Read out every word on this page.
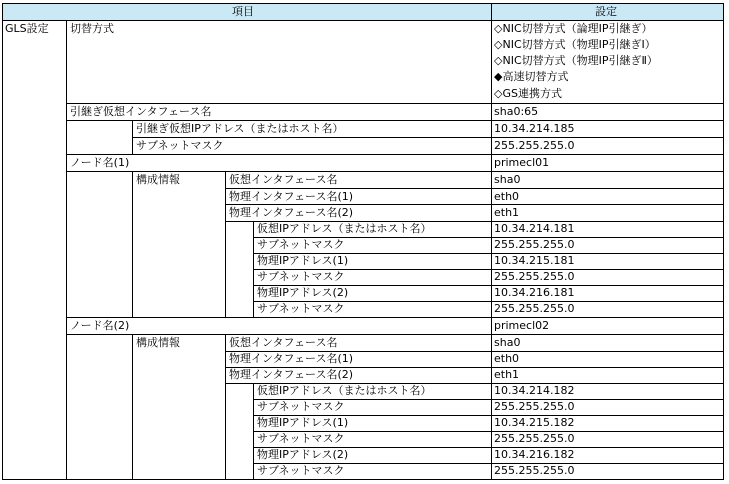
項目	設定
GLS設定 切替方式	◇NIC切替方式（論理IP引継ぎ）
◇NIC切替方式（物理IP引継ぎⅠ）
◇NIC切替方式（物理IP引継ぎⅡ）
◆高速切替方式
◇GS連携方式
引継ぎ仮想インタフェース名	sha0:65
引継ぎ仮想IPアドレス（またはホスト名）	10.34.214.185
サブネットマスク	255.255.255.0
ノード名(1)	primecl01
構成情報	仮想インタフェース名	sha0
物理インタフェース名(1)	eth0
物理インタフェース名(2)	eth1
仮想IPアドレス（またはホスト名）	10.34.214.181
サブネットマスク	255.255.255.0
物理IPアドレス(1)	10.34.215.181
サブネットマスク	255.255.255.0
物理IPアドレス(2)	10.34.216.181
サブネットマスク	255.255.255.0
ノード名(2)	primecl02
構成情報	仮想インタフェース名	sha0
物理インタフェース名(1)	eth0
物理インタフェース名(2)	eth1
仮想IPアドレス（またはホスト名）	10.34.214.182
サブネットマスク	255.255.255.0
物理IPアドレス(1)	10.34.215.182
サブネットマスク	255.255.255.0
物理IPアドレス(2)	10.34.216.182
サブネットマスク	255.255.255.0
